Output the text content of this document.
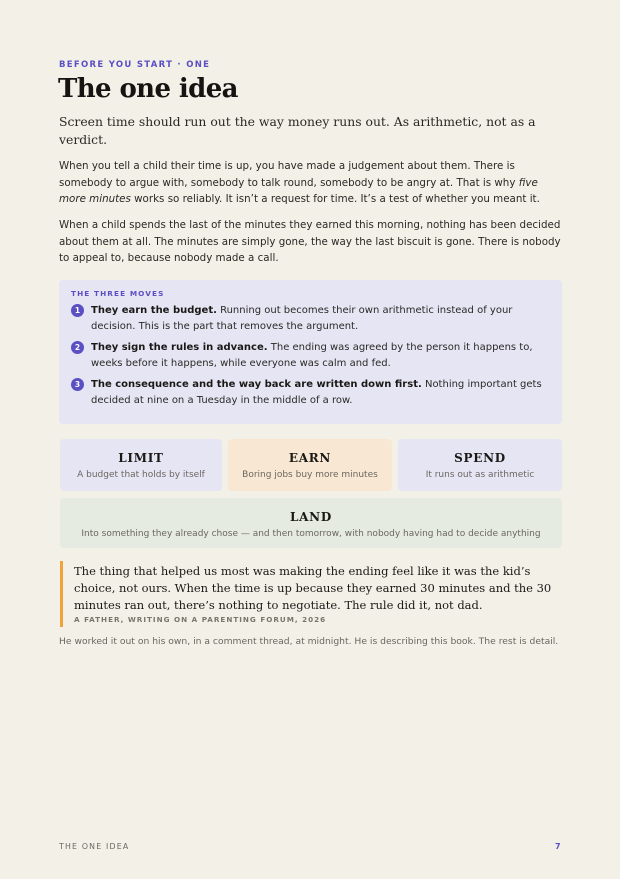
BEFORE YOU START · ONE
The one idea

Screen time should run out the way money runs out. As arithmetic, not as a verdict.

When you tell a child their time is up, you have made a judgement about them. There is somebody to argue with, somebody to talk round, somebody to be angry at. That is why five more minutes works so reliably. It isn’t a request for time. It’s a test of whether you meant it.

When a child spends the last of the minutes they earned this morning, nothing has been decided about them at all. The minutes are simply gone, the way the last biscuit is gone. There is nobody to appeal to, because nobody made a call.

THE THREE MOVES
1	They earn the budget. Running out becomes their own arithmetic instead of your decision. This is the part that removes the argument.
2	They sign the rules in advance. The ending was agreed by the person it happens to, weeks before it happens, while everyone was calm and fed.
3	The consequence and the way back are written down first. Nothing important gets decided at nine on a Tuesday in the middle of a row.
LIMIT
A budget that holds by itself
EARN
Boring jobs buy more minutes
SPEND
It runs out as arithmetic
LAND
Into something they already chose — and then tomorrow, with nobody having had to decide anything
The thing that helped us most was making the ending feel like it was the kid’s choice, not ours. When the time is up because they earned 30 minutes and the 30 minutes ran out, there’s nothing to negotiate. The rule did it, not dad.
A FATHER, WRITING ON A PARENTING FORUM, 2026

He worked it out on his own, in a comment thread, at midnight. He is describing this book. The rest is detail.

THE ONE IDEA	7
